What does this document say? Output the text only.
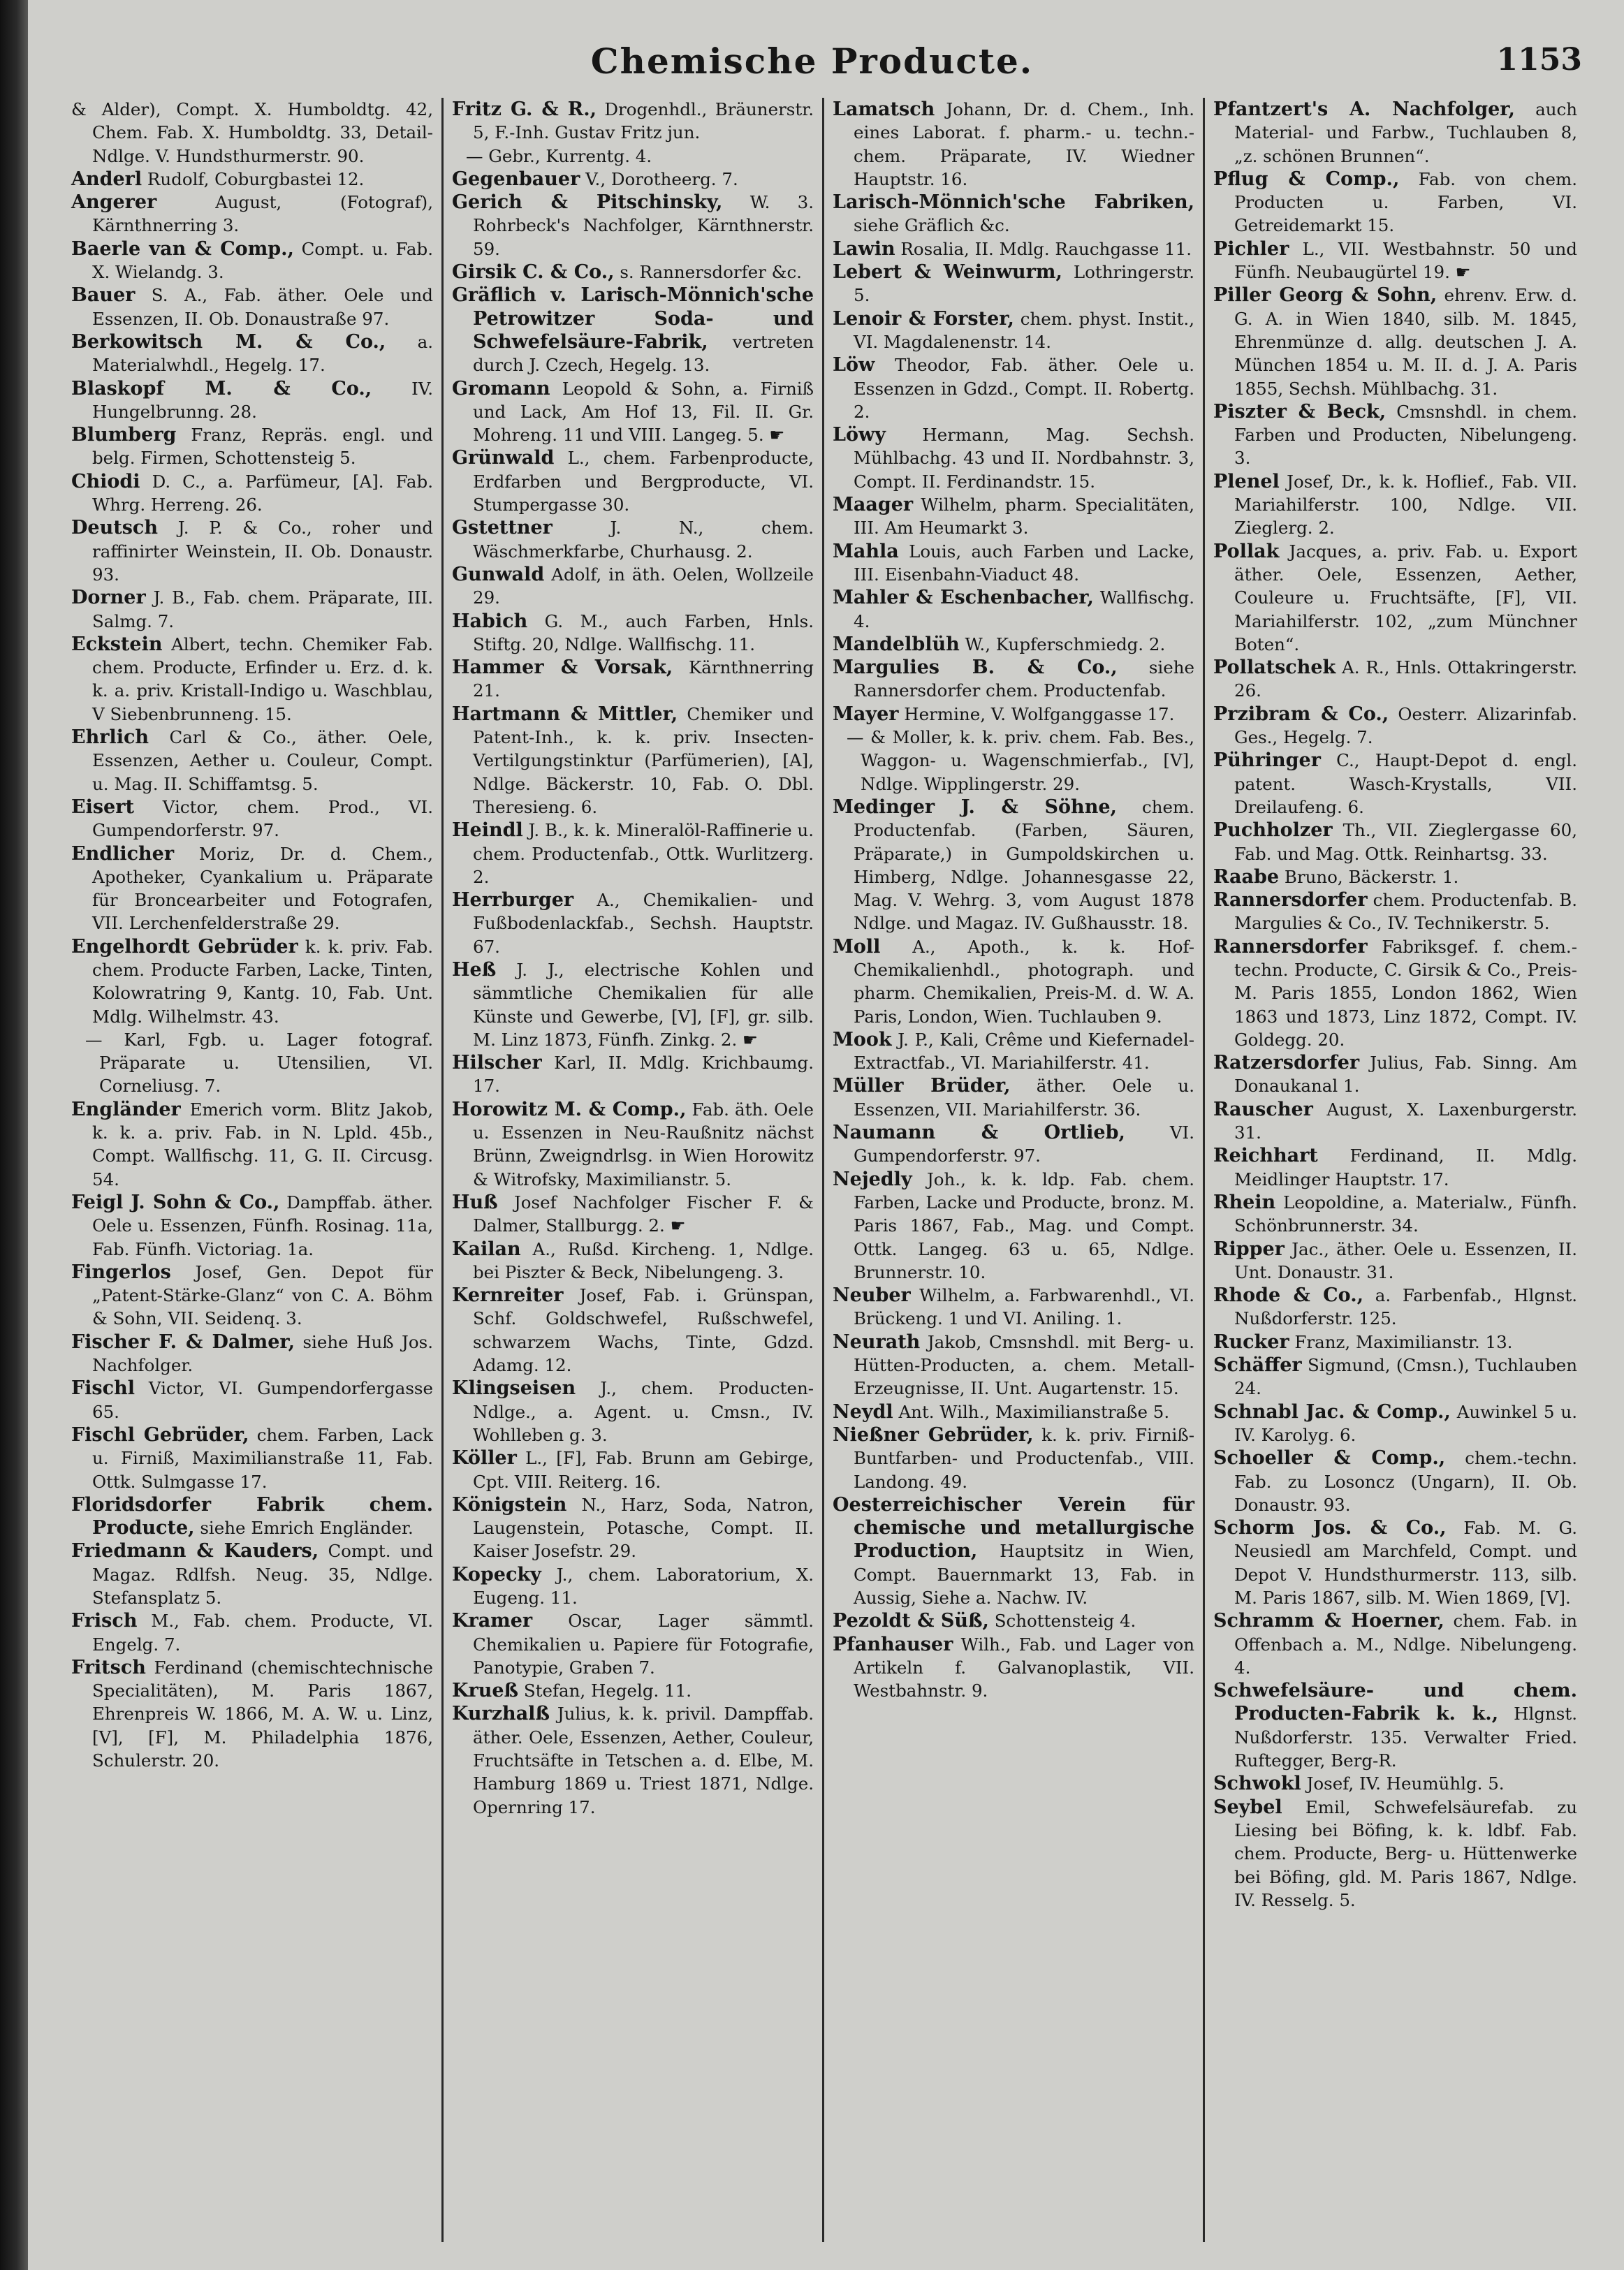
Chemische Producte.	1153

& Alder), Compt. X. Humboldtg. 42, Chem. Fab. X. Humboldtg. 33, Detail-Ndlge. V. Hundsthurmerstr. 90.

Anderl Rudolf, Coburgbastei 12.

Angerer	August, (Fotograf), Kärnthnerring 3.

Baerle van & Comp., Compt. u. Fab. X. Wielandg. 3.

Bauer S. A., Fab. äther. Oele und Essenzen, II. Ob. Donaustraße 97.

Berkowitsch M. & Co., a. Materialwhdl., Hegelg. 17.

Blaskopf M. & Co., IV. Hungelbrunng. 28.

Blumberg Franz, Repräs. engl. und belg. Firmen, Schottensteig 5.

Chiodi D. C., a. Parfümeur, [A]. Fab. Whrg. Herreng. 26.

Deutsch J. P. & Co., roher und raffinirter Weinstein, II. Ob. Donaustr. 93.

Dorner J. B., Fab. chem. Präparate, III. Salmg. 7.

Eckstein Albert, techn. Chemiker Fab. chem. Producte, Erfinder u. Erz. d. k. k. a. priv. Kristall-Indigo u. Waschblau, V Siebenbrunneng. 15.

Ehrlich Carl & Co., äther. Oele, Essenzen, Aether u. Couleur, Compt. u. Mag. II. Schiffamtsg. 5.

Eisert Victor, chem. Prod., VI. Gumpendorferstr. 97.

Endlicher Moriz, Dr. d. Chem., Apotheker, Cyankalium u. Präparate für Broncearbeiter und Fotografen, VII. Lerchenfelderstraße 29.

Engelhordt Gebrüder k. k. priv. Fab. chem. Producte Farben, Lacke, Tinten, Kolowratring 9, Kantg. 10, Fab. Unt. Mdlg. Wilhelmstr. 43.

— Karl, Fgb. u. Lager fotograf. Präparate u. Utensilien, VI. Corneliusg. 7.

Engländer Emerich vorm. Blitz Jakob, k. k. a. priv. Fab. in N. Lpld. 45b., Compt. Wallfischg. 11, G. II. Circusg. 54.

Feigl J. Sohn & Co., Dampffab. äther. Oele u. Essenzen, Fünfh. Rosinag. 11a, Fab. Fünfh. Victoriag. 1a.

Fingerlos Josef, Gen. Depot für „Patent-Stärke-Glanz“ von C. A. Böhm & Sohn, VII. Seidenq. 3.

Fischer F. & Dalmer, siehe Huß Jos. Nachfolger.

Fischl Victor, VI. Gumpendorfergasse 65.

Fischl Gebrüder, chem. Farben, Lack u. Firniß, Maximilianstraße 11, Fab. Ottk. Sulmgasse 17.

Floridsdorfer Fabrik chem. Producte, siehe Emrich Engländer.

Friedmann & Kauders, Compt. und Magaz. Rdlfsh. Neug. 35, Ndlge. Stefansplatz 5.

Frisch M., Fab. chem. Producte, VI. Engelg. 7.

Fritsch Ferdinand (chemischtechnische Specialitäten), M. Paris 1867, Ehrenpreis W. 1866, M. A. W. u. Linz, [V], [F], M. Philadelphia 1876, Schulerstr. 20.

Fritz G. & R., Drogenhdl., Bräunerstr. 5, F.-Inh. Gustav Fritz jun.

— Gebr., Kurrentg. 4.

Gegenbauer V., Dorotheerg. 7.

Gerich & Pitschinsky, W. 3. Rohrbeck's Nachfolger, Kärnthnerstr. 59.

Girsik C. & Co., s. Rannersdorfer &c.

Gräflich v. Larisch-Mönnich'sche Petrowitzer Soda- und Schwefelsäure-Fabrik, vertreten durch J. Czech, Hegelg. 13.

Gromann Leopold & Sohn, a. Firniß und Lack, Am Hof 13, Fil. II. Gr. Mohreng. 11 und VIII. Langeg. 5. ☛

Grünwald L., chem. Farbenproducte, Erdfarben und Bergproducte, VI. Stumpergasse 30.

Gstettner	J. N., chem. Wäschmerkfarbe, Churhausg. 2.

Gunwald Adolf, in äth. Oelen, Wollzeile 29.

Habich G. M., auch Farben, Hnls. Stiftg. 20, Ndlge. Wallfischg. 11.

Hammer & Vorsak, Kärnthnerring 21.

Hartmann & Mittler, Chemiker und Patent-Inh., k. k. priv. Insecten-Vertilgungstinktur (Parfümerien), [A], Ndlge. Bäckerstr. 10, Fab. O. Dbl. Theresieng. 6.

Heindl J. B., k. k. Mineralöl-Raffinerie u. chem. Productenfab., Ottk. Wurlitzerg. 2.

Herrburger A., Chemikalien- und Fußbodenlackfab., Sechsh. Hauptstr. 67.

Heß J. J., electrische Kohlen und sämmtliche Chemikalien für alle Künste und Gewerbe, [V], [F], gr. silb. M. Linz 1873, Fünfh. Zinkg. 2. ☛

Hilscher Karl, II. Mdlg. Krichbaumg. 17.

Horowitz M. & Comp., Fab. äth. Oele u. Essenzen in Neu-Raußnitz nächst Brünn, Zweigndrlsg. in Wien Horowitz & Witrofsky, Maximilianstr. 5.

Huß Josef Nachfolger Fischer F. & Dalmer, Stallburgg. 2. ☛

Kailan A., Rußd. Kircheng. 1, Ndlge. bei Piszter & Beck, Nibelungeng. 3.

Kernreiter Josef, Fab. i. Grünspan, Schf. Goldschwefel, Rußschwefel, schwarzem Wachs, Tinte, Gdzd. Adamg. 12.

Klingseisen J., chem. Producten-Ndlge., a. Agent. u. Cmsn., IV. Wohlleben g. 3.

Köller L., [F], Fab. Brunn am Gebirge, Cpt. VIII. Reiterg. 16.

Königstein N., Harz, Soda, Natron, Laugenstein, Potasche, Compt. II. Kaiser Josefstr. 29.

Kopecky J., chem. Laboratorium, X. Eugeng. 11.

Kramer Oscar, Lager sämmtl. Chemikalien u. Papiere für Fotografie, Panotypie, Graben 7.

Krueß Stefan, Hegelg. 11.

Kurzhalß Julius, k. k. privil. Dampffab. äther. Oele, Essenzen, Aether, Couleur, Fruchtsäfte in Tetschen a. d. Elbe, M. Hamburg 1869 u. Triest 1871, Ndlge. Opernring 17.

Lamatsch Johann, Dr. d. Chem., Inh. eines Laborat. f. pharm.- u. techn.-chem. Präparate, IV. Wiedner Hauptstr. 16.

Larisch-Mönnich'sche Fabriken, siehe Gräflich &c.

Lawin Rosalia, II. Mdlg. Rauchgasse 11.

Lebert & Weinwurm, Lothringerstr. 5.

Lenoir & Forster, chem. physt. Instit., VI. Magdalenenstr. 14.

Löw Theodor, Fab. äther. Oele u. Essenzen in Gdzd., Compt. II. Robertg. 2.

Löwy Hermann, Mag. Sechsh. Mühlbachg. 43 und II. Nordbahnstr. 3, Compt. II. Ferdinandstr. 15.

Maager Wilhelm, pharm. Specialitäten, III. Am Heumarkt 3.

Mahla Louis, auch Farben und Lacke, III. Eisenbahn-Viaduct 48.

Mahler & Eschenbacher, Wallfischg. 4.

Mandelblüh W., Kupferschmiedg. 2.

Margulies B. & Co., siehe Rannersdorfer chem. Productenfab.

Mayer Hermine, V. Wolfganggasse 17.

— & Moller, k. k. priv. chem. Fab. Bes., Waggon- u. Wagenschmierfab., [V], Ndlge. Wipplingerstr. 29.

Medinger J. & Söhne, chem. Productenfab. (Farben, Säuren, Präparate,) in Gumpoldskirchen u. Himberg, Ndlge. Johannesgasse 22, Mag. V. Wehrg. 3, vom August 1878 Ndlge. und Magaz. IV. Gußhausstr. 18.

Moll A., Apoth., k. k. Hof-Chemikalienhdl., photograph. und pharm. Chemikalien, Preis-M. d. W. A. Paris, London, Wien. Tuchlauben 9.

Mook J. P., Kali, Crême und Kiefernadel-Extractfab., VI. Mariahilferstr. 41.

Müller Brüder, äther. Oele u. Essenzen, VII. Mariahilferstr. 36.

Naumann & Ortlieb,	VI. Gumpendorferstr. 97.

Nejedly Joh., k. k. ldp. Fab. chem. Farben, Lacke und Producte, bronz. M. Paris 1867, Fab., Mag. und Compt. Ottk. Langeg. 63 u. 65, Ndlge. Brunnerstr. 10.

Neuber Wilhelm, a. Farbwarenhdl., VI. Brückeng. 1 und VI. Aniling. 1.

Neurath Jakob, Cmsnshdl. mit Berg- u. Hütten-Producten, a. chem. Metall-Erzeugnisse, II. Unt. Augartenstr. 15.

Neydl Ant. Wilh., Maximilianstraße 5.

Nießner Gebrüder, k. k. priv. Firniß-Buntfarben- und Productenfab., VIII. Landong. 49.

Oesterreichischer Verein für chemische und metallurgische Production, Hauptsitz in Wien, Compt. Bauernmarkt 13, Fab. in Aussig, Siehe a. Nachw. IV.

Pezoldt & Süß, Schottensteig 4.

Pfanhauser Wilh., Fab. und Lager von Artikeln f. Galvanoplastik, VII. Westbahnstr. 9.

Pfantzert's A. Nachfolger, auch Material- und Farbw., Tuchlauben 8, „z. schönen Brunnen“.

Pflug & Comp., Fab. von chem. Producten u. Farben, VI. Getreidemarkt 15.

Pichler L., VII. Westbahnstr. 50 und Fünfh. Neubaugürtel 19. ☛

Piller Georg & Sohn, ehrenv. Erw. d. G. A. in Wien 1840, silb. M. 1845, Ehrenmünze d. allg. deutschen J. A. München 1854 u. M. II. d. J. A. Paris 1855, Sechsh. Mühlbachg. 31.

Piszter & Beck, Cmsnshdl. in chem. Farben und Producten, Nibelungeng. 3.

Plenel Josef, Dr., k. k. Hoflief., Fab. VII. Mariahilferstr. 100, Ndlge. VII. Zieglerg. 2.

Pollak Jacques, a. priv. Fab. u. Export äther. Oele, Essenzen, Aether, Couleure u. Fruchtsäfte, [F], VII. Mariahilferstr. 102, „zum Münchner Boten“.

Pollatschek A. R., Hnls. Ottakringerstr. 26.

Przibram & Co., Oesterr. Alizarinfab. Ges., Hegelg. 7.

Pühringer C., Haupt-Depot d. engl. patent. Wasch-Krystalls, VII. Dreilaufeng. 6.

Puchholzer Th., VII. Zieglergasse 60, Fab. und Mag. Ottk. Reinhartsg. 33.

Raabe Bruno, Bäckerstr. 1.

Rannersdorfer chem. Productenfab. B. Margulies & Co., IV. Technikerstr. 5.

Rannersdorfer Fabriksgef. f. chem.-techn. Producte, C. Girsik & Co., Preis-M. Paris 1855, London 1862, Wien 1863 und 1873, Linz 1872, Compt. IV. Goldegg. 20.

Ratzersdorfer Julius, Fab. Sinng. Am Donaukanal 1.

Rauscher August, X. Laxenburgerstr. 31.

Reichhart Ferdinand, II. Mdlg. Meidlinger Hauptstr. 17.

Rhein Leopoldine, a. Materialw., Fünfh. Schönbrunnerstr. 34.

Ripper Jac., äther. Oele u. Essenzen, II. Unt. Donaustr. 31.

Rhode & Co., a. Farbenfab., Hlgnst. Nußdorferstr. 125.

Rucker Franz, Maximilianstr. 13.

Schäffer Sigmund, (Cmsn.), Tuchlauben 24.

Schnabl Jac. & Comp., Auwinkel 5 u. IV. Karolyg. 6.

Schoeller & Comp., chem.-techn. Fab. zu Losoncz (Ungarn), II. Ob. Donaustr. 93.

Schorm Jos. & Co., Fab. M. G. Neusiedl am Marchfeld, Compt. und Depot V. Hundsthurmerstr. 113, silb. M. Paris 1867, silb. M. Wien 1869, [V].

Schramm & Hoerner, chem. Fab. in Offenbach a. M., Ndlge. Nibelungeng. 4.

Schwefelsäure- und chem. Producten-Fabrik k. k., Hlgnst. Nußdorferstr. 135. Verwalter Fried. Ruftegger, Berg-R.

Schwokl Josef, IV. Heumühlg. 5.

Seybel Emil, Schwefelsäurefab. zu Liesing bei Böfing, k. k. ldbf. Fab. chem. Producte, Berg- u. Hüttenwerke bei Böfing, gld. M. Paris 1867, Ndlge. IV. Resselg. 5.
